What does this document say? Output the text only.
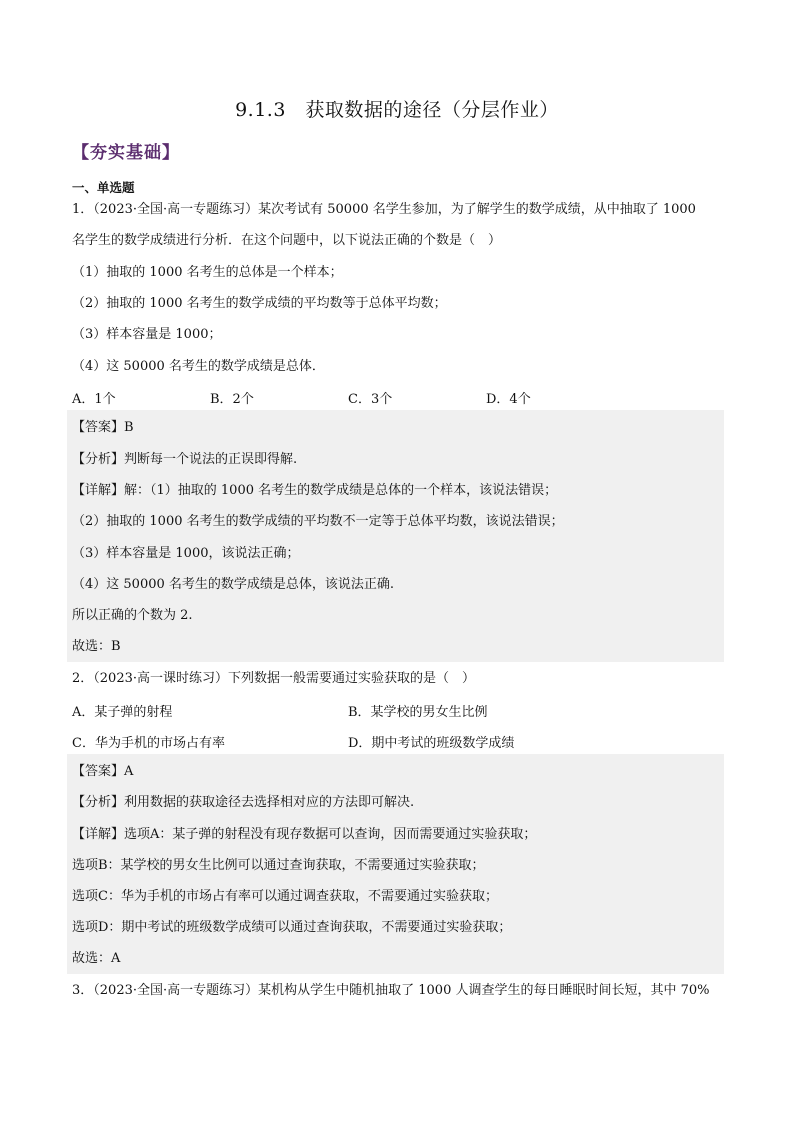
9.1.3　获取数据的途径（分层作业）
【夯实基础】
一、单选题
1．（2023·全国·高一专题练习）某次考试有 50000 名学生参加，为了解学生的数学成绩，从中抽取了 1000
名学生的数学成绩进行分析．在这个问题中，以下说法正确的个数是（　）
（1）抽取的 1000 名考生的总体是一个样本；
（2）抽取的 1000 名考生的数学成绩的平均数等于总体平均数；
（3）样本容量是 1000；
（4）这 50000 名考生的数学成绩是总体．
A．1个	B．2个	C．3个	D．4个
【答案】B
【分析】判断每一个说法的正误即得解.
【详解】解：（1）抽取的 1000 名考生的数学成绩是总体的一个样本，该说法错误；
（2）抽取的 1000 名考生的数学成绩的平均数不一定等于总体平均数，该说法错误；
（3）样本容量是 1000，该说法正确；
（4）这 50000 名考生的数学成绩是总体，该说法正确.
所以正确的个数为 2.
故选：B
2．（2023·高一课时练习）下列数据一般需要通过实验获取的是（　）
A．某子弹的射程	B．某学校的男女生比例
C．华为手机的市场占有率	D．期中考试的班级数学成绩
【答案】A
【分析】利用数据的获取途径去选择相对应的方法即可解决.
【详解】选项A：某子弹的射程没有现存数据可以查询，因而需要通过实验获取；
选项B：某学校的男女生比例可以通过查询获取，不需要通过实验获取；
选项C：华为手机的市场占有率可以通过调查获取，不需要通过实验获取；
选项D：期中考试的班级数学成绩可以通过查询获取，不需要通过实验获取；
故选：A
3．（2023·全国·高一专题练习）某机构从学生中随机抽取了 1000 人调查学生的每日睡眠时间长短，其中 70%
